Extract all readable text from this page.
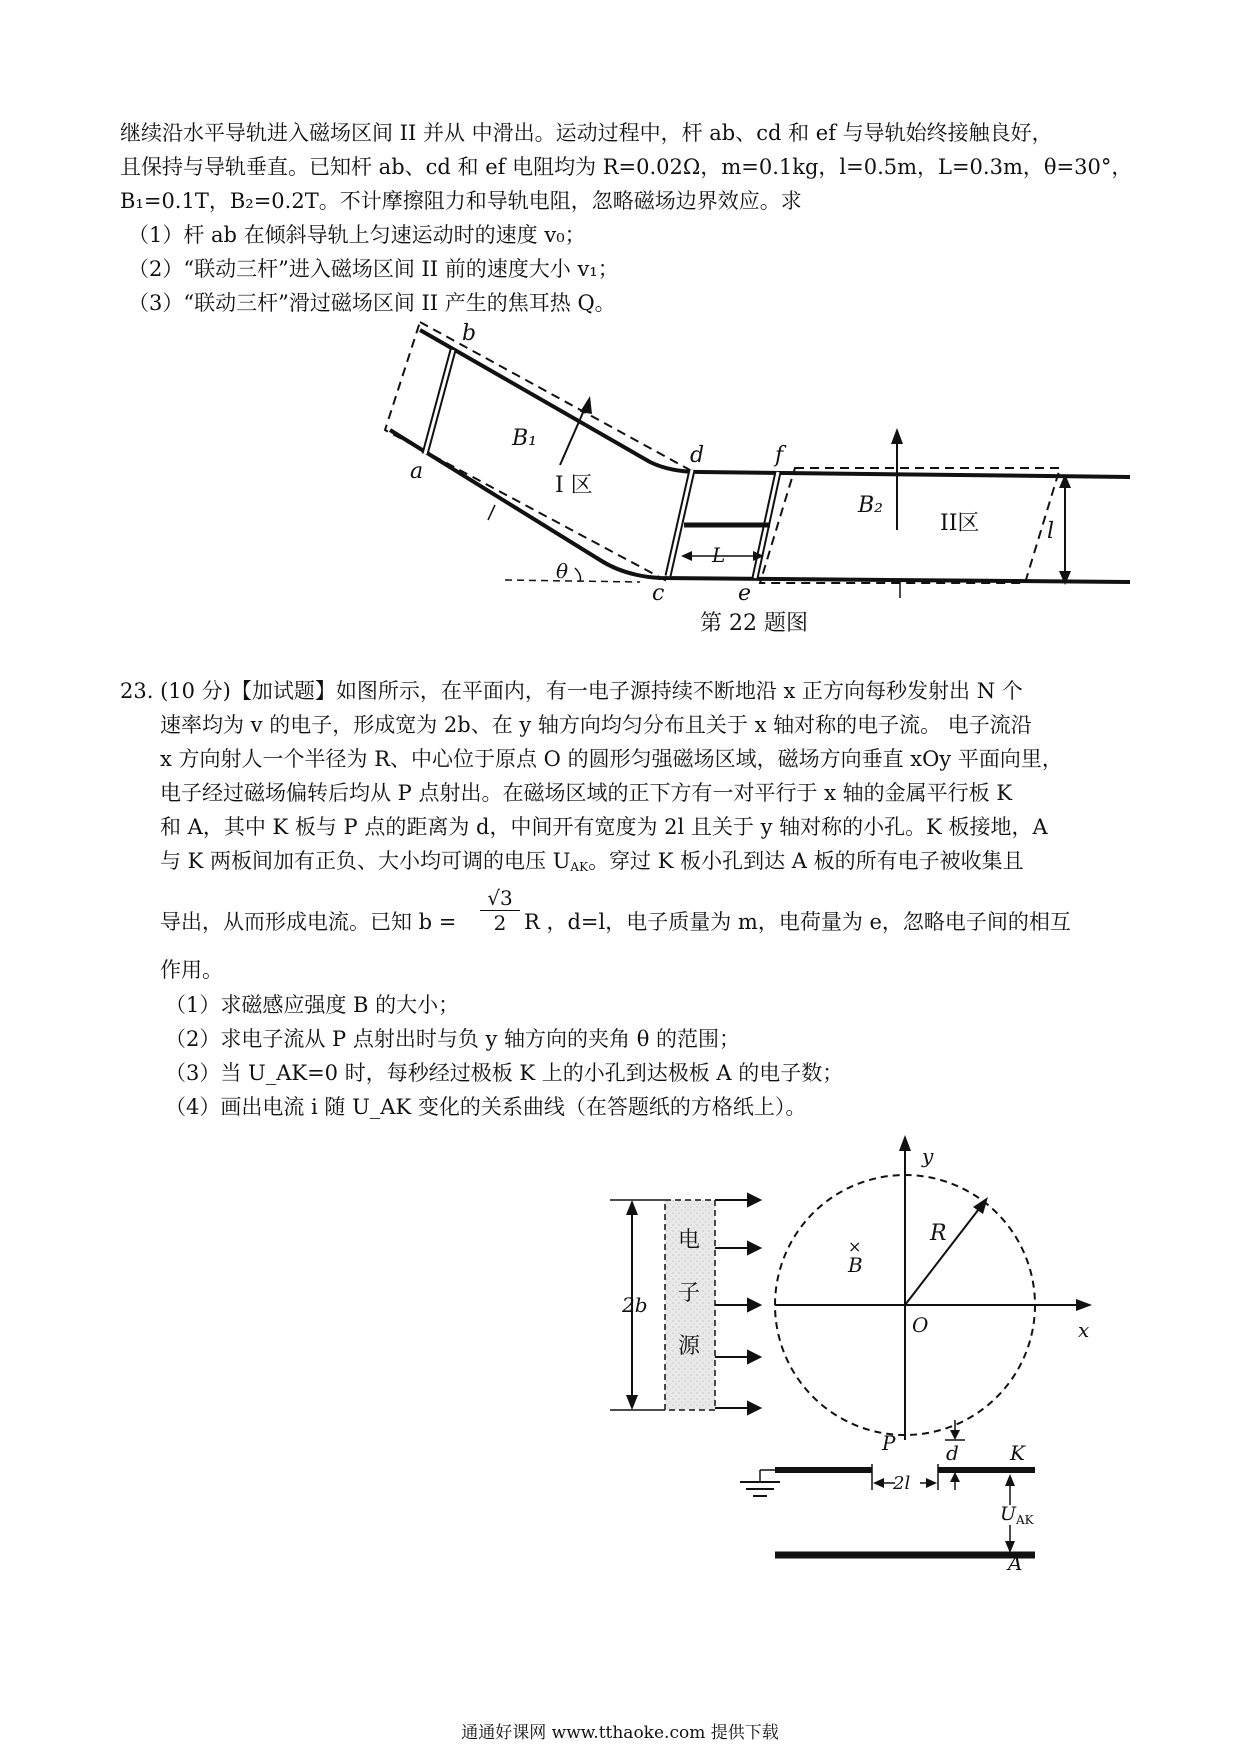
继续沿水平导轨进入磁场区间 II 并从 中滑出。运动过程中，杆 ab、cd 和 ef 与导轨始终接触良好，
且保持与导轨垂直。已知杆 ab、cd 和 ef 电阻均为 R=0.02Ω，m=0.1kg，l=0.5m，L=0.3m，θ=30°，
B₁=0.1T，B₂=0.2T。不计摩擦阻力和导轨电阻，忽略磁场边界效应。求
（1）杆 ab 在倾斜导轨上匀速运动时的速度 v₀；
（2）“联动三杆”进入磁场区间 II 前的速度大小 v₁；
（3）“联动三杆”滑过磁场区间 II 产生的焦耳热 Q。
b
a
d	f
c	e
B₁
I 区
B₂
II区
θ
L
l
第 22 题图
23. (10 分)【加试题】如图所示，在平面内，有一电子源持续不断地沿 x 正方向每秒发射出 N 个
速率均为 v 的电子，形成宽为 2b、在 y 轴方向均匀分布且关于 x 轴对称的电子流。 电子流沿
x 方向射人一个半径为 R、中心位于原点 O 的圆形匀强磁场区域，磁场方向垂直 xOy 平面向里，
电子经过磁场偏转后均从 P 点射出。在磁场区域的正下方有一对平行于 x 轴的金属平行板 K
和 A，其中 K 板与 P 点的距离为 d，中间开有宽度为 2l 且关于 y 轴对称的小孔。K 板接地，A
与 K 两板间加有正负、大小均可调的电压 UAK。穿过 K 板小孔到达 A 板的所有电子被收集且
导出，从而形成电流。已知 $b = \frac{√3}{2}$ R ，d=l，电子质量为 m，电荷量为 e，忽略电子间的相互
作用。
（1）求磁感应强度 B 的大小；
（2）求电子流从 P 点射出时与负 y 轴方向的夹角 θ 的范围；
（3）当 U_AK=0 时，每秒经过极板 K 上的小孔到达极板 A 的电子数；
（4）画出电流 i 随 U_AK 变化的关系曲线（在答题纸的方格纸上）。
y
x
O
R
×
B
2b
电
子
源
P	d	K
A
2l
U AK
通通好课网 www.tthaoke.com 提供下载
